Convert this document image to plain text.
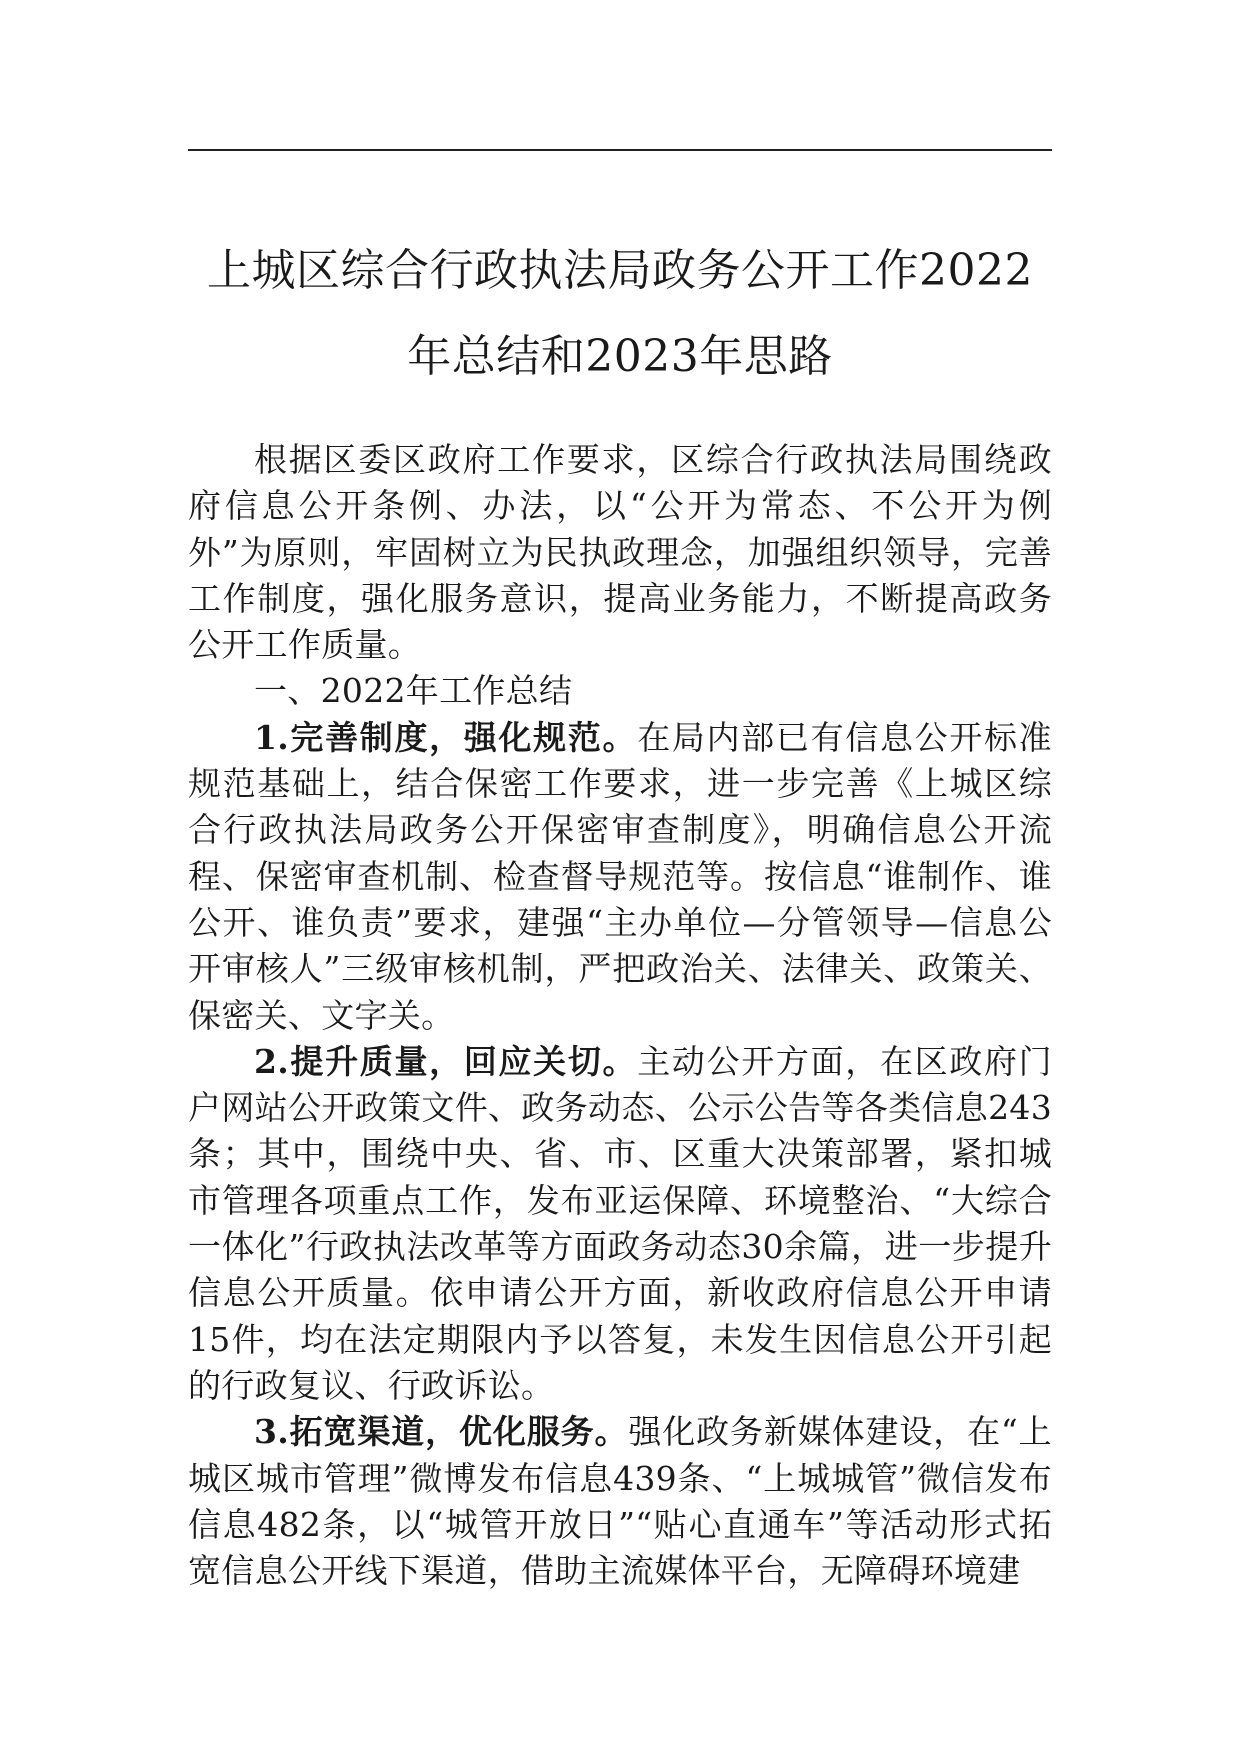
上城区综合行政执法局政务公开工作2022
年总结和2023年思路

根据区委区政府工作要求，区综合行政执法局围绕政府信息公开条例、办法，以“公开为常态、不公开为例外”为原则，牢固树立为民执政理念，加强组织领导，完善工作制度，强化服务意识，提高业务能力，不断提高政务公开工作质量。

一、2022年工作总结

1.完善制度，强化规范。在局内部已有信息公开标准规范基础上，结合保密工作要求，进一步完善《上城区综合行政执法局政务公开保密审查制度》，明确信息公开流程、保密审查机制、检查督导规范等。按信息“谁制作、谁公开、谁负责”要求，建强“主办单位—分管领导—信息公开审核人”三级审核机制，严把政治关、法律关、政策关、保密关、文字关。

2.提升质量，回应关切。主动公开方面，在区政府门户网站公开政策文件、政务动态、公示公告等各类信息243条；其中，围绕中央、省、市、区重大决策部署，紧扣城市管理各项重点工作，发布亚运保障、环境整治、“大综合一体化”行政执法改革等方面政务动态30余篇，进一步提升信息公开质量。依申请公开方面，新收政府信息公开申请15件，均在法定期限内予以答复，未发生因信息公开引起的行政复议、行政诉讼。

3.拓宽渠道，优化服务。强化政务新媒体建设，在“上城区城市管理”微博发布信息439条、“上城城管”微信发布信息482条，以“城管开放日”“贴心直通车”等活动形式拓宽信息公开线下渠道，借助主流媒体平台，无障碍环境建
